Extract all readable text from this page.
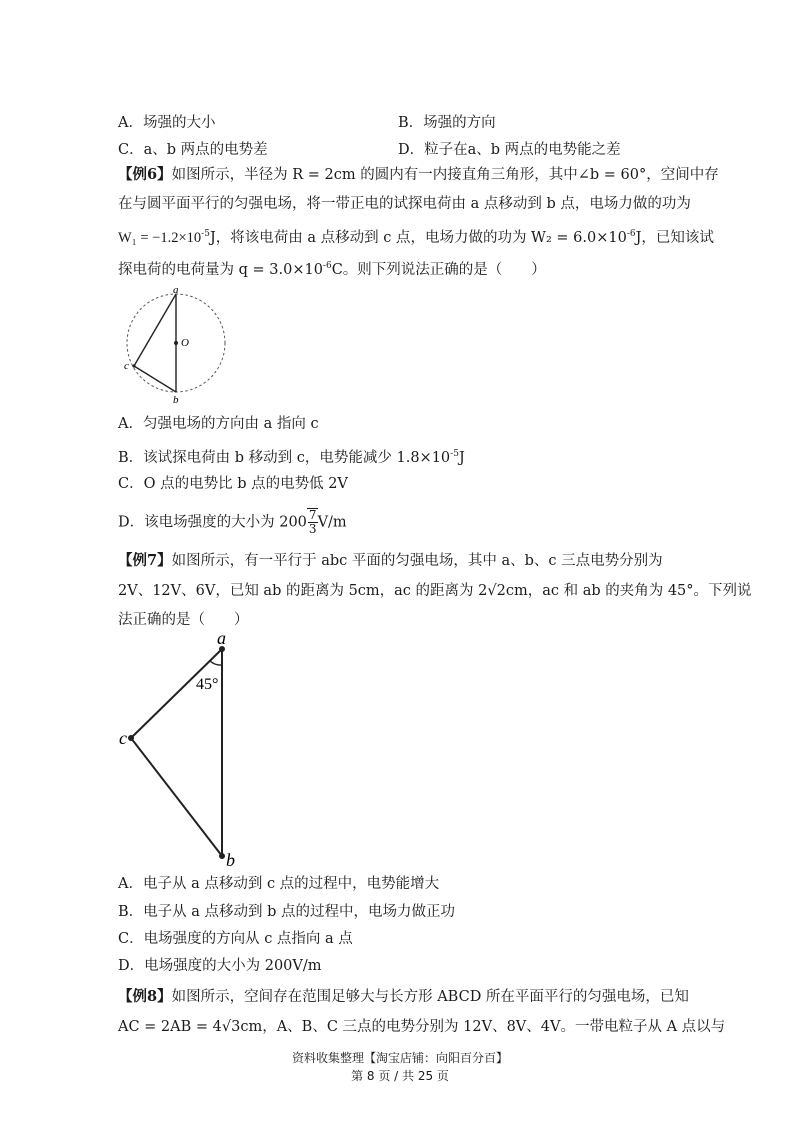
A．场强的大小	B．场强的方向
C．a、b 两点的电势差	D．粒子在a、b 两点的电势能之差
【例6】如图所示，半径为 R = 2cm 的圆内有一内接直角三角形，其中∠b = 60°，空间中存
在与圆平面平行的匀强电场，将一带正电的试探电荷由 a 点移动到 b 点，电场力做的功为
$W_1 = -1.2\times 10^{-5}J$，将该电荷由 a 点移动到 c 点，电场力做的功为 $W_2 = 6.0\times 10^{-6}J$，已知该试
探电荷的电荷量为 $q = 3.0\times 10^{-6}C$。则下列说法正确的是（　　）
a
b
c
O
A．匀强电场的方向由 a 指向 c
B．该试探电荷由 b 移动到 c，电势能减少 $1.8\times 10^{-5}J$
C．O 点的电势比 b 点的电势低 2V
D．该电场强度的大小为 $200 \frac{7}{3} V/m$
【例7】如图所示，有一平行于 abc 平面的匀强电场，其中 a、b、c 三点电势分别为
2V、12V、6V，已知 ab 的距离为 5cm，ac 的距离为 2√2cm，ac 和 ab 的夹角为 45°。下列说
法正确的是（　　）
a
b
c
45°
A．电子从 a 点移动到 c 点的过程中，电势能增大
B．电子从 a 点移动到 b 点的过程中，电场力做正功
C．电场强度的方向从 c 点指向 a 点
D．电场强度的大小为 200V/m
【例8】如图所示，空间存在范围足够大与长方形 ABCD 所在平面平行的匀强电场，已知
AC = 2AB = 4√3cm，A、B、C 三点的电势分别为 12V、8V、4V。一带电粒子从 A 点以与
资料收集整理【淘宝店铺：向阳百分百】
第 8 页 / 共 25 页
